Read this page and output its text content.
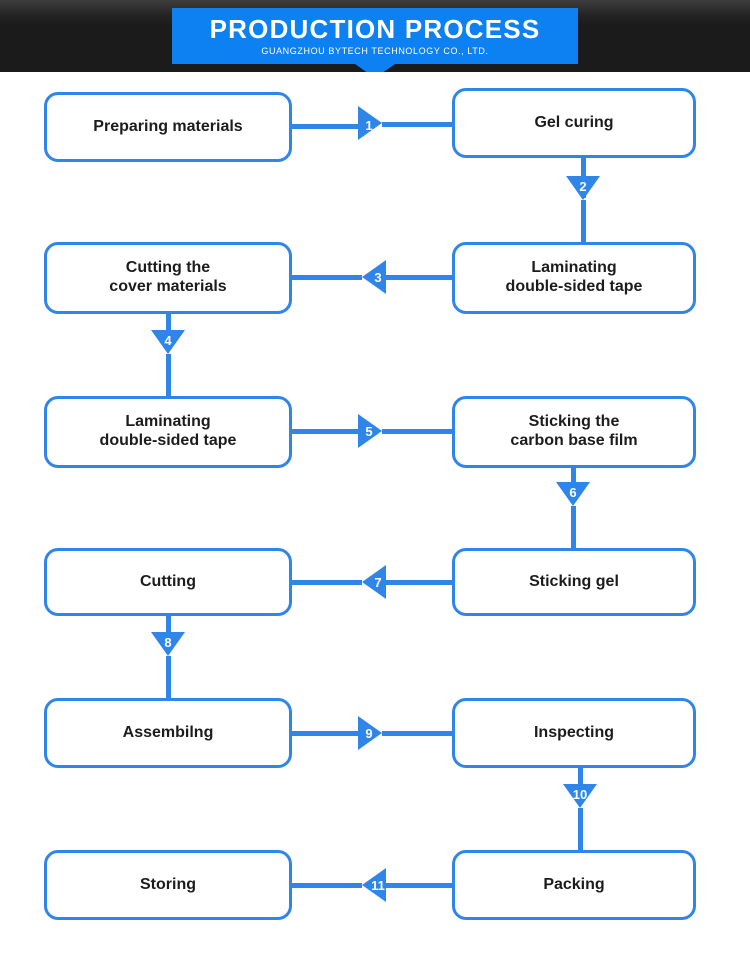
PRODUCTION PROCESS
GUANGZHOU BYTECH TECHNOLOGY CO., LTD.
Preparing materials	Gel curing
1
2
Cutting the
cover materials
Laminating
double-sided tape
3
4
Laminating
double-sided tape
Sticking the
carbon base film
5
6
Cutting	Sticking gel
7
8
Assembilng	Inspecting
9
10
Storing	Packing
11
